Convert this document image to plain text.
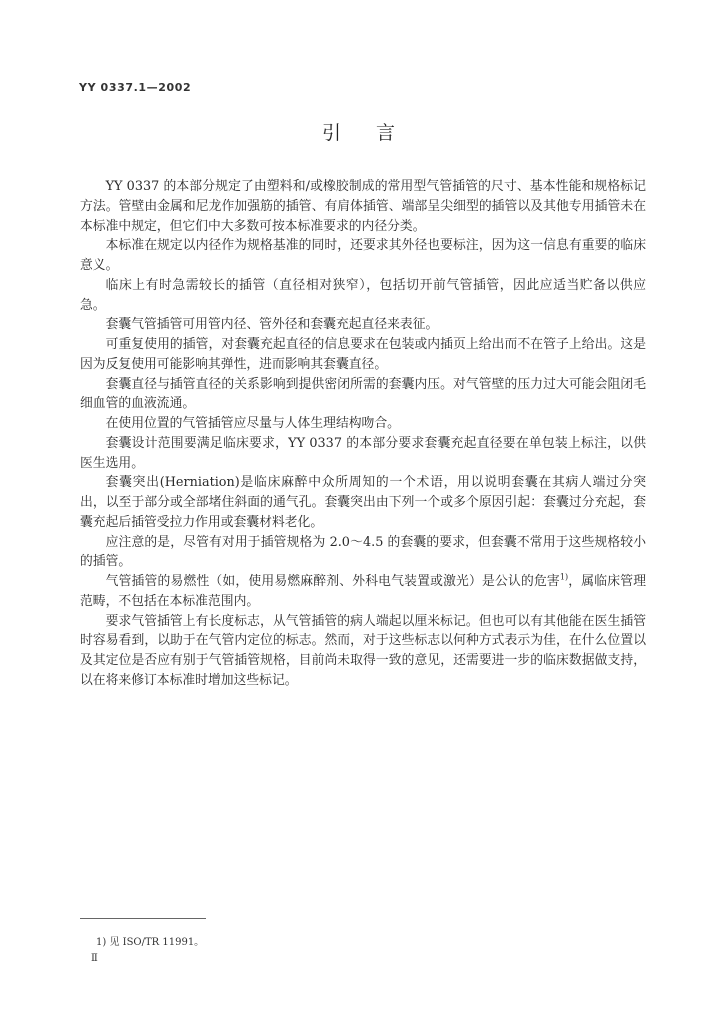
YY 0337.1—2002
引　言

YY 0337 的本部分规定了由塑料和/或橡胶制成的常用型气管插管的尺寸、基本性能和规格标记方法。管壁由金属和尼龙作加强筋的插管、有肩体插管、端部呈尖细型的插管以及其他专用插管未在本标准中规定，但它们中大多数可按本标准要求的内径分类。

本标准在规定以内径作为规格基准的同时，还要求其外径也要标注，因为这一信息有重要的临床意义。

临床上有时急需较长的插管（直径相对狭窄），包括切开前气管插管，因此应适当贮备以供应急。

套囊气管插管可用管内径、管外径和套囊充起直径来表征。

可重复使用的插管，对套囊充起直径的信息要求在包装或内插页上给出而不在管子上给出。这是因为反复使用可能影响其弹性，进而影响其套囊直径。

套囊直径与插管直径的关系影响到提供密闭所需的套囊内压。对气管壁的压力过大可能会阻闭毛细血管的血液流通。

在使用位置的气管插管应尽量与人体生理结构吻合。

套囊设计范围要满足临床要求，YY 0337 的本部分要求套囊充起直径要在单包装上标注，以供医生选用。

套囊突出(Herniation)是临床麻醉中众所周知的一个术语，用以说明套囊在其病人端过分突出，以至于部分或全部堵住斜面的通气孔。套囊突出由下列一个或多个原因引起：套囊过分充起，套囊充起后插管受拉力作用或套囊材料老化。

应注意的是，尽管有对用于插管规格为 2.0～4.5 的套囊的要求，但套囊不常用于这些规格较小的插管。

气管插管的易燃性（如，使用易燃麻醉剂、外科电气装置或激光）是公认的危害$^{1)}$，属临床管理范畴，不包括在本标准范围内。

要求气管插管上有长度标志，从气管插管的病人端起以厘米标记。但也可以有其他能在医生插管时容易看到，以助于在气管内定位的标志。然而，对于这些标志以何种方式表示为佳，在什么位置以及其定位是否应有别于气管插管规格，目前尚未取得一致的意见，还需要进一步的临床数据做支持，以在将来修订本标准时增加这些标记。

1) 见 ISO/TR 11991。
Ⅱ
